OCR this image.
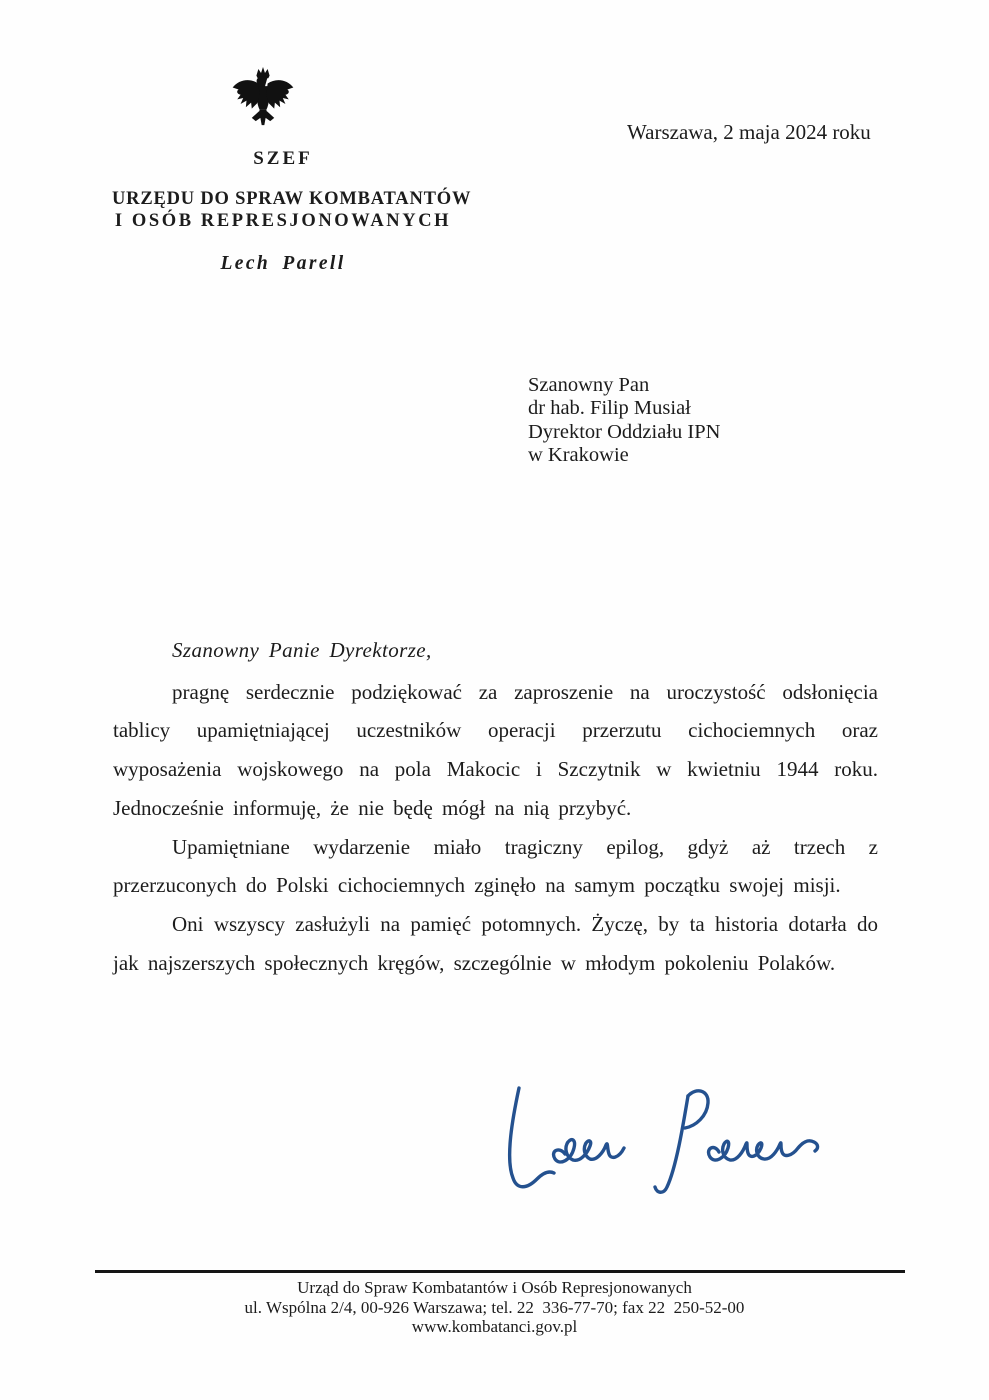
Warszawa, 2 maja 2024 roku
SZEF
URZĘDU DO SPRAW KOMBATANTÓW
I OSÓB REPRESJONOWANYCH
Lech Parell
Szanowny Pan
dr hab. Filip Musiał
Dyrektor Oddziału IPN
w Krakowie

Szanowny Panie Dyrektorze,

pragnę serdecznie podziękować za zaproszenie na uroczystość odsłonięcia tablicy upamiętniającej uczestników operacji przerzutu cichociemnych oraz wyposażenia wojskowego na pola Makocic i Szczytnik w kwietniu 1944 roku. Jednocześnie informuję, że nie będę mógł na nią przybyć.

Upamiętniane wydarzenie miało tragiczny epilog, gdyż aż trzech z przerzuconych do Polski cichociemnych zginęło na samym początku swojej misji.

Oni wszyscy zasłużyli na pamięć potomnych. Życzę, by ta historia dotarła do jak najszerszych społecznych kręgów, szczególnie w młodym pokoleniu Polaków.

Urząd do Spraw Kombatantów i Osób Represjonowanych
ul. Wspólna 2/4, 00-926 Warszawa; tel. 22  336-77-70; fax 22  250-52-00
www.kombatanci.gov.pl
